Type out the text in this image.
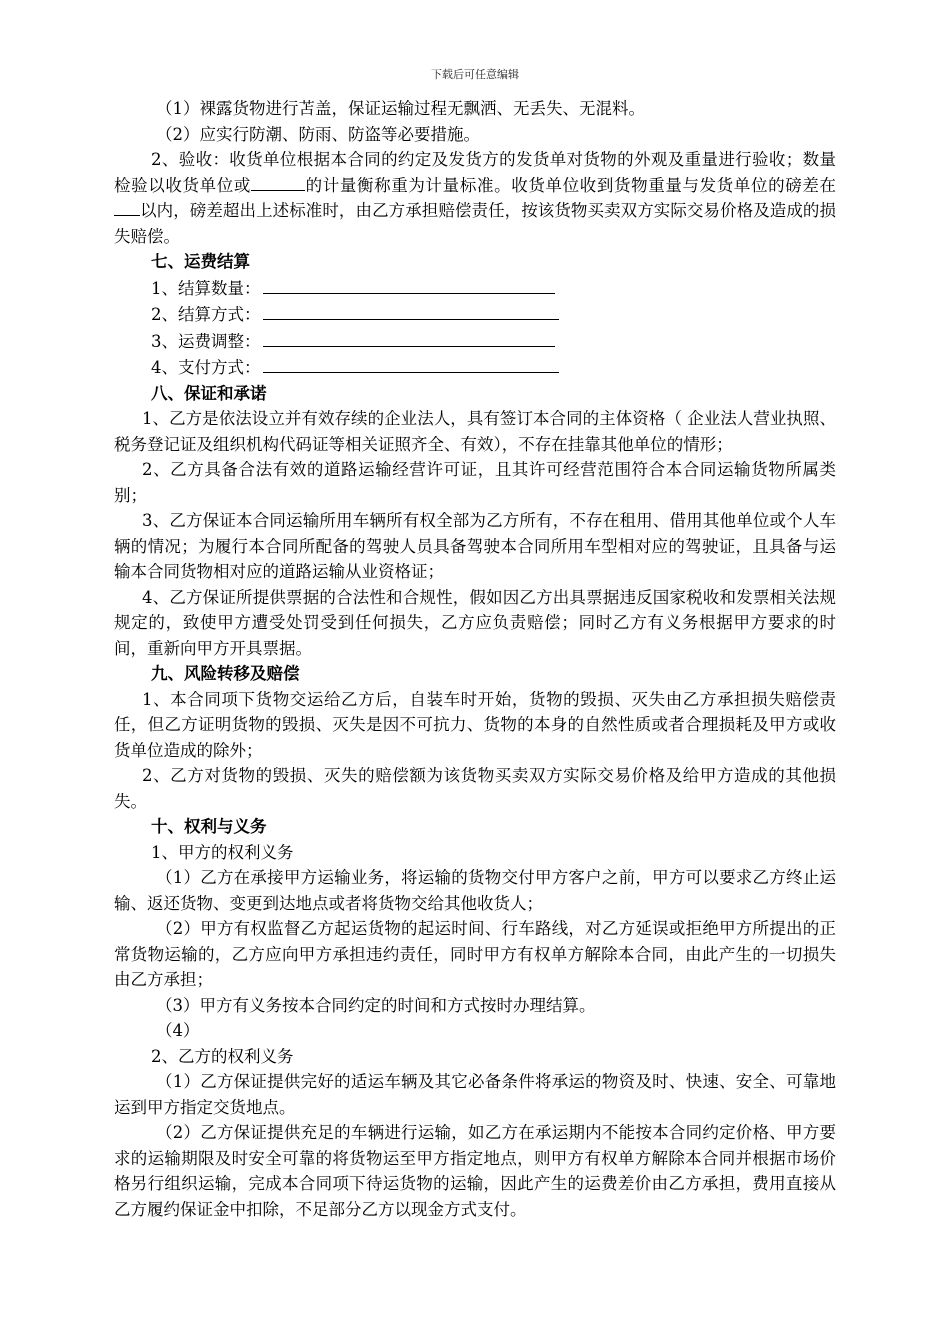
下载后可任意编辑

（1）裸露货物进行苫盖，保证运输过程无飘洒、无丢失、无混料。

（2）应实行防潮、防雨、防盗等必要措施。

2、验收：收货单位根据本合同的约定及发货方的发货单对货物的外观及重量进行验收；数量检验以收货单位或	的计量衡称重为计量标准。收货单位收到货物重量与发货单位的磅差在以内，磅差超出上述标准时，由乙方承担赔偿责任，按该货物买卖双方实际交易价格及造成的损失赔偿。

七、运费结算

1、结算数量：

2、结算方式：

3、运费调整：

4、支付方式：

八、保证和承诺

1、乙方是依法设立并有效存续的企业法人，具有签订本合同的主体资格（ 企业法人营业执照、税务登记证及组织机构代码证等相关证照齐全、有效），不存在挂靠其他单位的情形；

2、乙方具备合法有效的道路运输经营许可证，且其许可经营范围符合本合同运输货物所属类别；

3、乙方保证本合同运输所用车辆所有权全部为乙方所有，不存在租用、借用其他单位或个人车辆的情况；为履行本合同所配备的驾驶人员具备驾驶本合同所用车型相对应的驾驶证，且具备与运输本合同货物相对应的道路运输从业资格证；

4、乙方保证所提供票据的合法性和合规性，假如因乙方出具票据违反国家税收和发票相关法规规定的，致使甲方遭受处罚受到任何损失，乙方应负责赔偿；同时乙方有义务根据甲方要求的时间，重新向甲方开具票据。

九、风险转移及赔偿

1、本合同项下货物交运给乙方后，自装车时开始，货物的毁损、灭失由乙方承担损失赔偿责任，但乙方证明货物的毁损、灭失是因不可抗力、货物的本身的自然性质或者合理损耗及甲方或收货单位造成的除外；

2、乙方对货物的毁损、灭失的赔偿额为该货物买卖双方实际交易价格及给甲方造成的其他损失。

十、权利与义务

1、甲方的权利义务

（1）乙方在承接甲方运输业务，将运输的货物交付甲方客户之前，甲方可以要求乙方终止运输、返还货物、变更到达地点或者将货物交给其他收货人；

（2）甲方有权监督乙方起运货物的起运时间、行车路线，对乙方延误或拒绝甲方所提出的正常货物运输的，乙方应向甲方承担违约责任，同时甲方有权单方解除本合同，由此产生的一切损失由乙方承担；

（3）甲方有义务按本合同约定的时间和方式按时办理结算。

（4）

2、乙方的权利义务

（1）乙方保证提供完好的适运车辆及其它必备条件将承运的物资及时、快速、安全、可靠地运到甲方指定交货地点。

（2）乙方保证提供充足的车辆进行运输，如乙方在承运期内不能按本合同约定价格、甲方要求的运输期限及时安全可靠的将货物运至甲方指定地点，则甲方有权单方解除本合同并根据市场价格另行组织运输，完成本合同项下待运货物的运输，因此产生的运费差价由乙方承担，费用直接从乙方履约保证金中扣除，不足部分乙方以现金方式支付。
